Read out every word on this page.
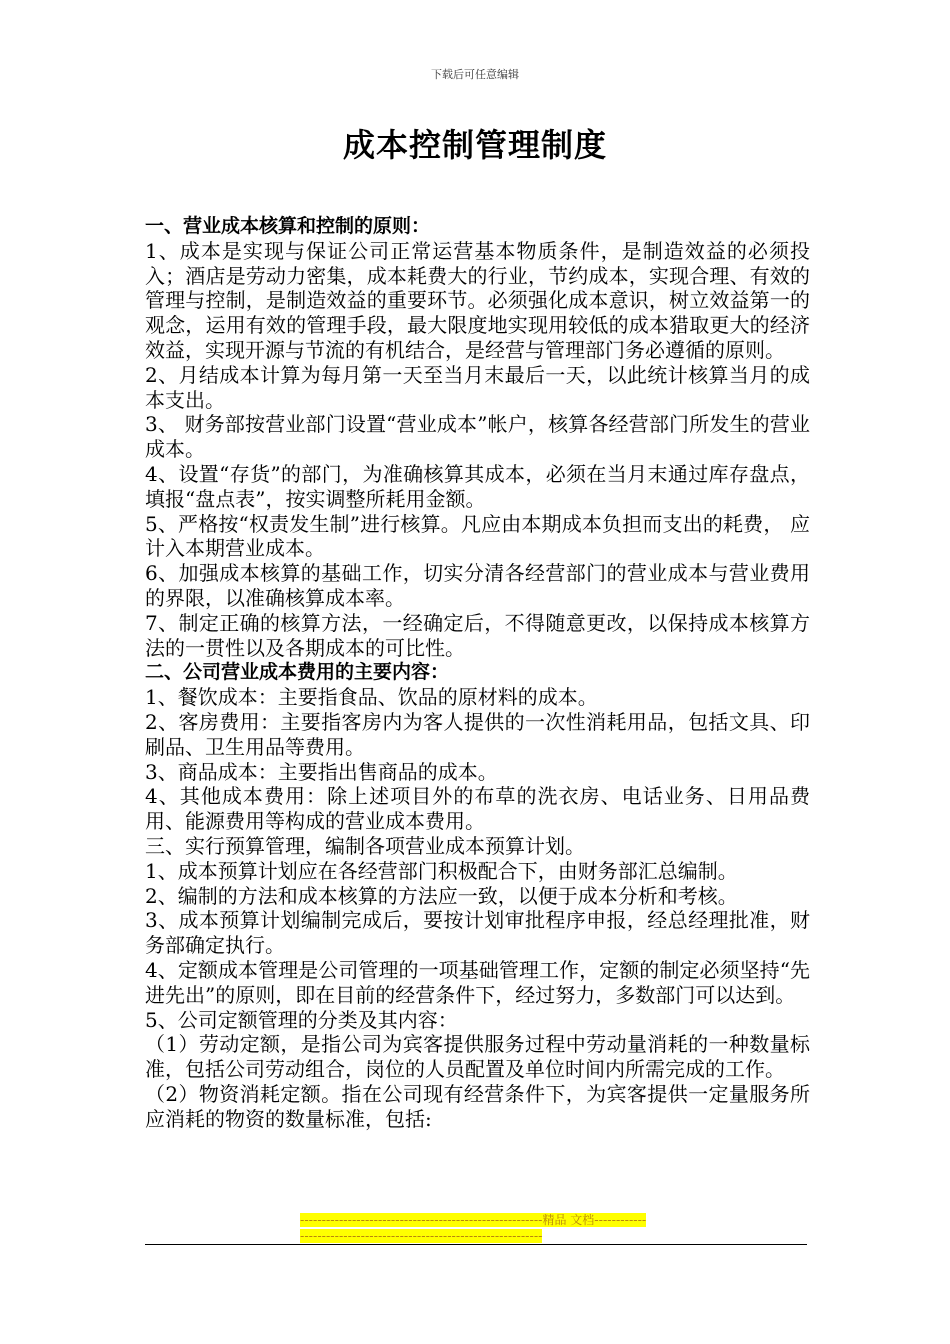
下载后可任意编辑
成本控制管理制度

一、营业成本核算和控制的原则：

1、成本是实现与保证公司正常运营基本物质条件，是制造效益的必须投入；酒店是劳动力密集，成本耗费大的行业，节约成本，实现合理、有效的管理与控制，是制造效益的重要环节。必须强化成本意识，树立效益第一的观念，运用有效的管理手段，最大限度地实现用较低的成本猎取更大的经济效益，实现开源与节流的有机结合，是经营与管理部门务必遵循的原则。

2、月结成本计算为每月第一天至当月末最后一天，以此统计核算当月的成本支出。

3、 财务部按营业部门设置“营业成本”帐户，核算各经营部门所发生的营业成本。

4、设置“存货”的部门，为准确核算其成本，必须在当月末通过库存盘点，填报“盘点表”，按实调整所耗用金额。

5、严格按“权责发生制”进行核算。凡应由本期成本负担而支出的耗费， 应计入本期营业成本。

6、加强成本核算的基础工作，切实分清各经营部门的营业成本与营业费用的界限，以准确核算成本率。

7、制定正确的核算方法，一经确定后，不得随意更改，以保持成本核算方法的一贯性以及各期成本的可比性。

二、公司营业成本费用的主要内容：

1、餐饮成本：主要指食品、饮品的原材料的成本。

2、客房费用：主要指客房内为客人提供的一次性消耗用品，包括文具、印刷品、卫生用品等费用。

3、商品成本：主要指出售商品的成本。

4、其他成本费用：除上述项目外的布草的洗衣房、电话业务、日用品费用、能源费用等构成的营业成本费用。

三、实行预算管理，编制各项营业成本预算计划。

1、成本预算计划应在各经营部门积极配合下，由财务部汇总编制。

2、编制的方法和成本核算的方法应一致，以便于成本分析和考核。

3、成本预算计划编制完成后，要按计划审批程序申报，经总经理批准，财务部确定执行。

4、定额成本管理是公司管理的一项基础管理工作，定额的制定必须坚持“先进先出”的原则，即在目前的经营条件下，经过努力，多数部门可以达到。

5、公司定额管理的分类及其内容：

（1）劳动定额，是指公司为宾客提供服务过程中劳动量消耗的一种数量标准，包括公司劳动组合，岗位的人员配置及单位时间内所需完成的工作。

（2）物资消耗定额。指在公司现有经营条件下，为宾客提供一定量服务所应消耗的物资的数量标准，包括:

--------------------------------------------------------精品 文档--------------------------------------------------------------------
